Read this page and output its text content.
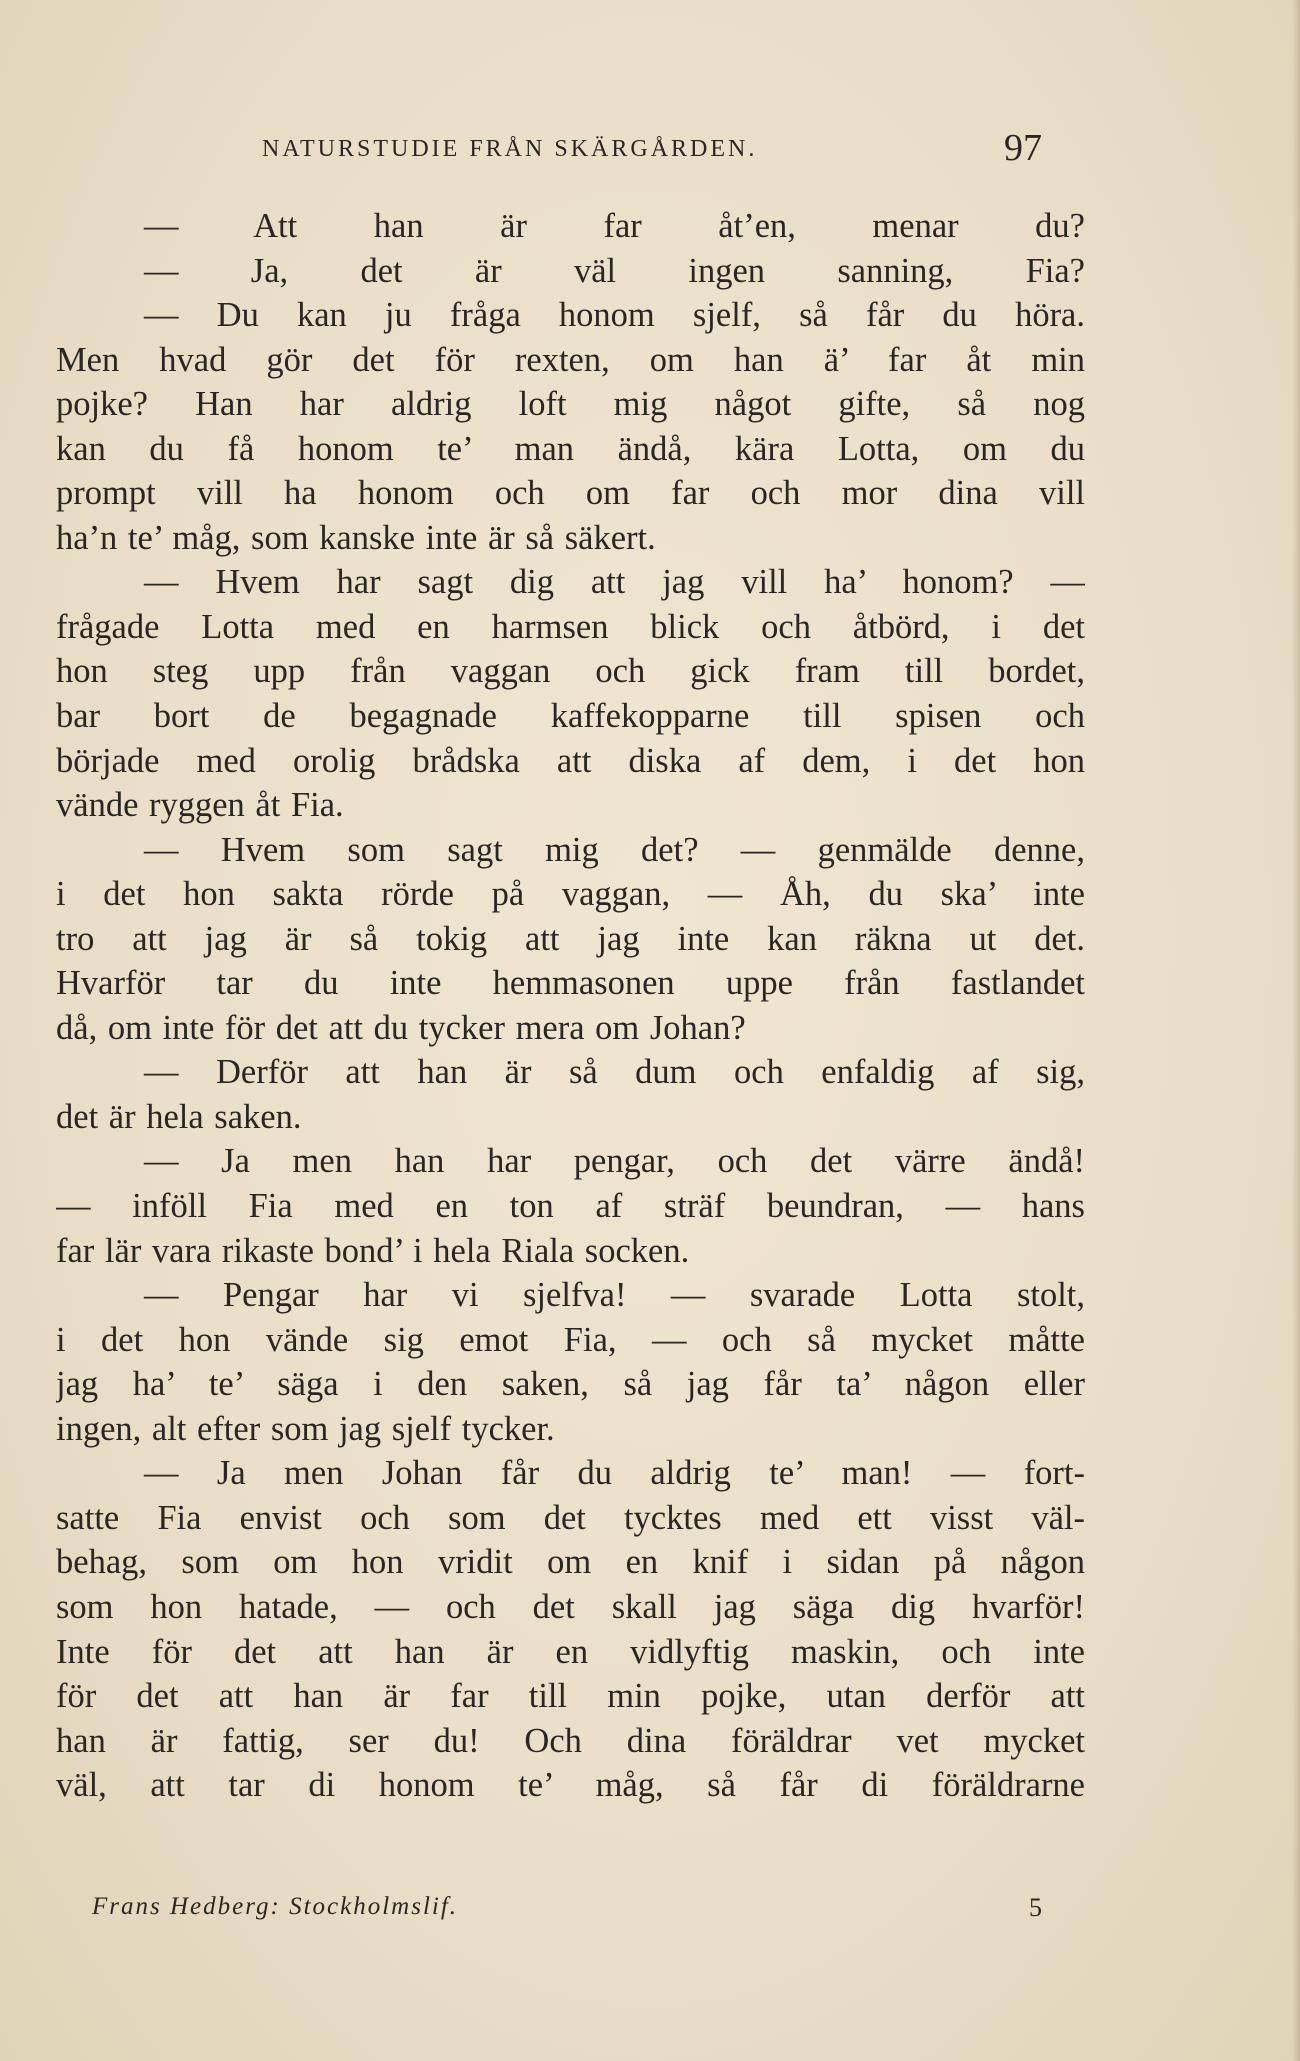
NATURSTUDIE FRÅN SKÄRGÅRDEN.	97
— Att han är far åt’en, menar du?
— Ja, det är väl ingen sanning, Fia?
— Du kan ju fråga honom sjelf, så får du höra.
Men hvad gör det för rexten, om han ä’ far åt min
pojke? Han har aldrig loft mig något gifte, så nog
kan du få honom te’ man ändå, kära Lotta, om du
prompt vill ha honom och om far och mor dina vill
ha’n te’ måg, som kanske inte är så säkert.
— Hvem har sagt dig att jag vill ha’ honom? —
frågade Lotta med en harmsen blick och åtbörd, i det
hon steg upp från vaggan och gick fram till bordet,
bar bort de begagnade kaffekopparne till spisen och
började med orolig brådska att diska af dem, i det hon
vände ryggen åt Fia.
— Hvem som sagt mig det? — genmälde denne,
i det hon sakta rörde på vaggan, — Åh, du ska’ inte
tro att jag är så tokig att jag inte kan räkna ut det.
Hvarför tar du inte hemmasonen uppe från fastlandet
då, om inte för det att du tycker mera om Johan?
— Derför att han är så dum och enfaldig af sig,
det är hela saken.
— Ja men han har pengar, och det värre ändå!
— inföll Fia med en ton af sträf beundran, — hans
far lär vara rikaste bond’ i hela Riala socken.
— Pengar har vi sjelfva! — svarade Lotta stolt,
i det hon vände sig emot Fia, — och så mycket måtte
jag ha’ te’ säga i den saken, så jag får ta’ någon eller
ingen, alt efter som jag sjelf tycker.
— Ja men Johan får du aldrig te’ man! — fort-
satte Fia envist och som det tycktes med ett visst väl-
behag, som om hon vridit om en knif i sidan på någon
som hon hatade, — och det skall jag säga dig hvarför!
Inte för det att han är en vidlyftig maskin, och inte
för det att han är far till min pojke, utan derför att
han är fattig, ser du! Och dina föräldrar vet mycket
väl, att tar di honom te’ måg, så får di föräldrarne
Frans Hedberg: Stockholmslif.	5
